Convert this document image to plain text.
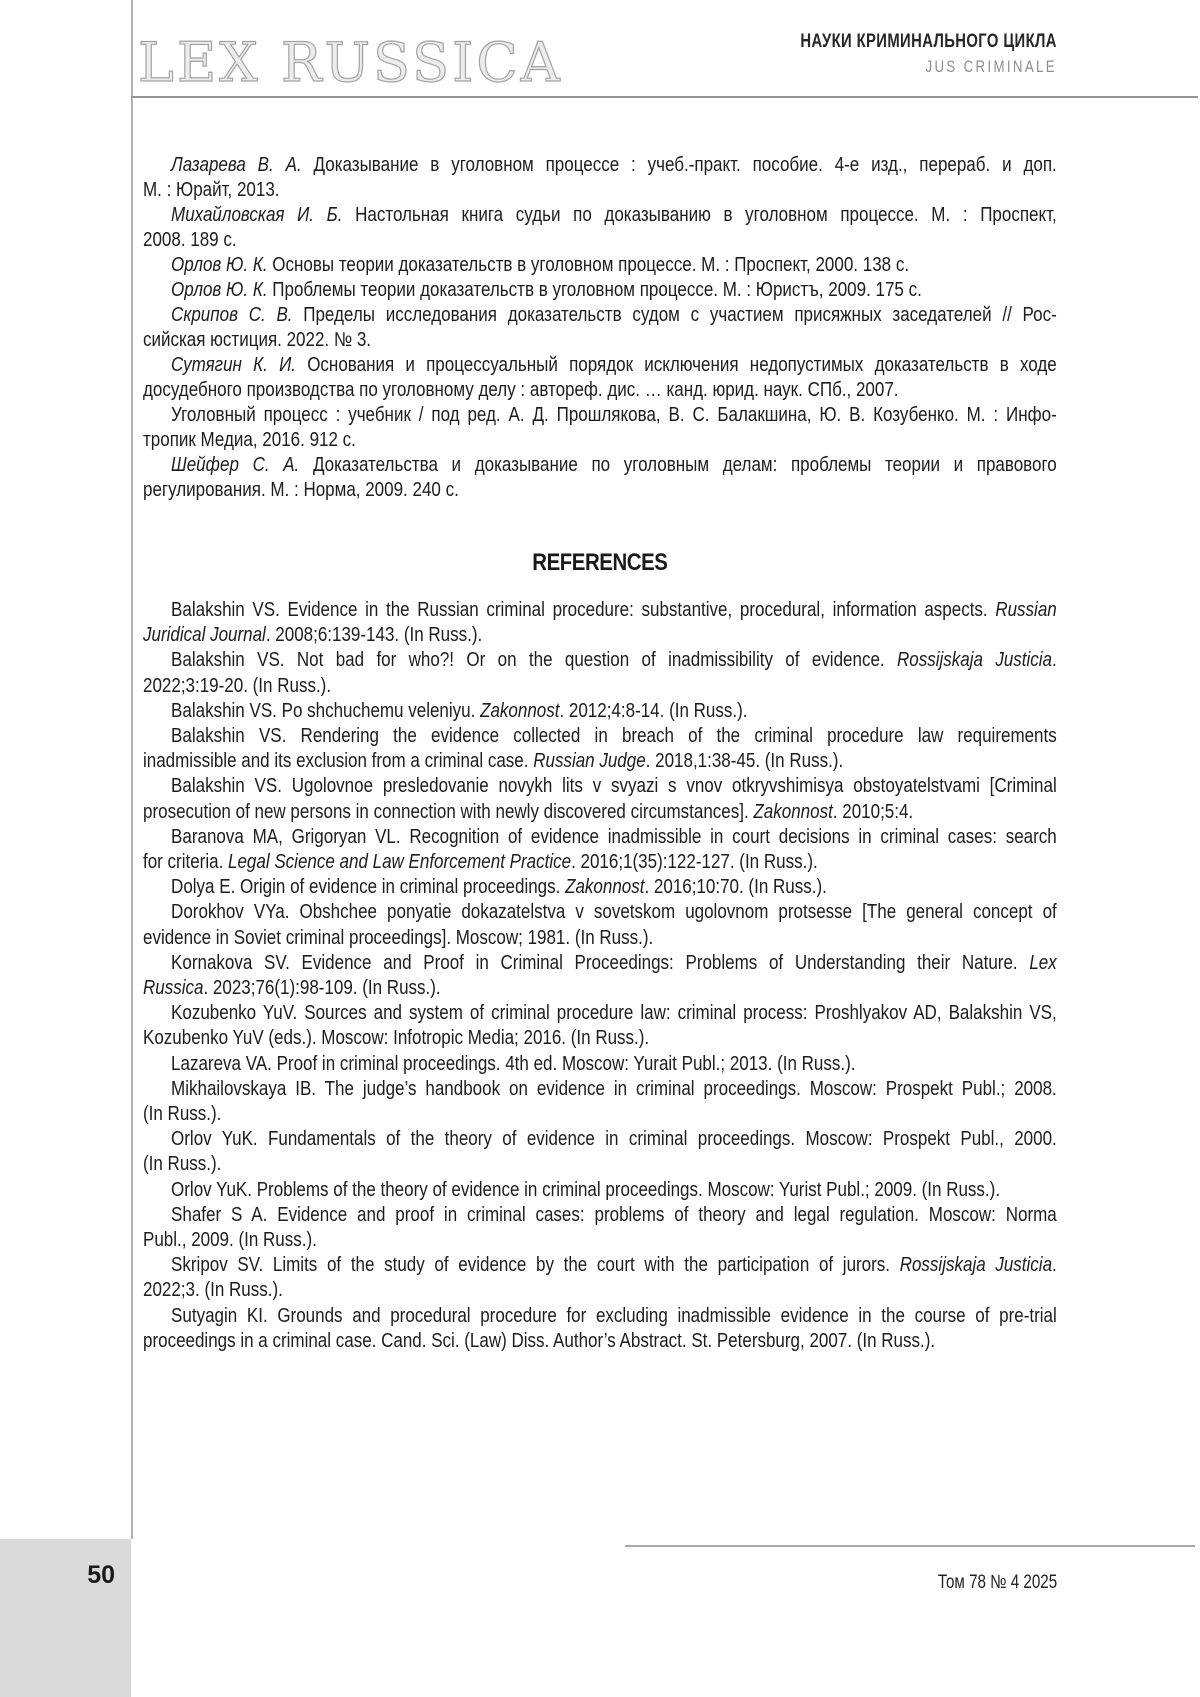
LEX RUSSICA	НАУКИ КРИМИНАЛЬНОГО ЦИКЛА
JUS CRIMINALE
Лазарева В. А. Доказывание в уголовном процессе : учеб.-практ. пособие. 4-е изд., перераб. и доп.
М. : Юрайт, 2013.
Михайловская И. Б. Настольная книга судьи по доказыванию в уголовном процессе. М. : Проспект,
2008. 189 с.
Орлов Ю. К. Основы теории доказательств в уголовном процессе. М. : Проспект, 2000. 138 с.
Орлов Ю. К. Проблемы теории доказательств в уголовном процессе. М. : Юристъ, 2009. 175 с.
Скрипов С. В. Пределы исследования доказательств судом с участием присяжных заседателей // Рос-
сийская юстиция. 2022. № 3.
Сутягин К. И. Основания и процессуальный порядок исключения недопустимых доказательств в ходе
досудебного производства по уголовному делу : автореф. дис. … канд. юрид. наук. СПб., 2007.
Уголовный процесс : учебник / под ред. А. Д. Прошлякова, В. С. Балакшина, Ю. В. Козубенко. М. : Инфо-
тропик Медиа, 2016. 912 с.
Шейфер С. А. Доказательства и доказывание по уголовным делам: проблемы теории и правового
регулирования. М. : Норма, 2009. 240 с.
REFERENCES
Balakshin VS. Evidence in the Russian criminal procedure: substantive, procedural, information aspects. Russian
Juridical Journal. 2008;6:139-143. (In Russ.).
Balakshin VS. Not bad for who?! Or on the question of inadmissibility of evidence. Rossijskaja Justicia.
2022;3:19-20. (In Russ.).
Balakshin VS. Po shchuchemu veleniyu. Zakonnost. 2012;4:8-14. (In Russ.).
Balakshin VS. Rendering the evidence collected in breach of the criminal procedure law requirements
inadmissible and its exclusion from a criminal case. Russian Judge. 2018,1:38-45. (In Russ.).
Balakshin VS. Ugolovnoe presledovanie novykh lits v svyazi s vnov otkryvshimisya obstoyatelstvami [Criminal
prosecution of new persons in connection with newly discovered circumstances]. Zakonnost. 2010;5:4.
Baranova MA, Grigoryan VL. Recognition of evidence inadmissible in court decisions in criminal cases: search
for criteria. Legal Science and Law Enforcement Practice. 2016;1(35):122-127. (In Russ.).
Dolya E. Origin of evidence in criminal proceedings. Zakonnost. 2016;10:70. (In Russ.).
Dorokhov VYa. Obshchee ponyatie dokazatelstva v sovetskom ugolovnom protsesse [The general concept of
evidence in Soviet criminal proceedings]. Moscow; 1981. (In Russ.).
Kornakova SV. Evidence and Proof in Criminal Proceedings: Problems of Understanding their Nature. Lex
Russica. 2023;76(1):98-109. (In Russ.).
Kozubenko YuV. Sources and system of criminal procedure law: criminal process: Proshlyakov AD, Balakshin VS,
Kozubenko YuV (eds.). Moscow: Infotropic Media; 2016. (In Russ.).
Lazareva VA. Proof in criminal proceedings. 4th ed. Moscow: Yurait Publ.; 2013. (In Russ.).
Mikhailovskaya IB. The judge’s handbook on evidence in criminal proceedings. Moscow: Prospekt Publ.; 2008.
(In Russ.).
Orlov YuK. Fundamentals of the theory of evidence in criminal proceedings. Moscow: Prospekt Publ., 2000.
(In Russ.).
Orlov YuK. Problems of the theory of evidence in criminal proceedings. Moscow: Yurist Publ.; 2009. (In Russ.).
Shafer S A. Evidence and proof in criminal cases: problems of theory and legal regulation. Moscow: Norma
Publ., 2009. (In Russ.).
Skripov SV. Limits of the study of evidence by the court with the participation of jurors. Rossijskaja Justicia.
2022;3. (In Russ.).
Sutyagin KI. Grounds and procedural procedure for excluding inadmissible evidence in the course of pre-trial
proceedings in a criminal case. Cand. Sci. (Law) Diss. Author’s Abstract. St. Petersburg, 2007. (In Russ.).
Том 78 № 4 2025
50
